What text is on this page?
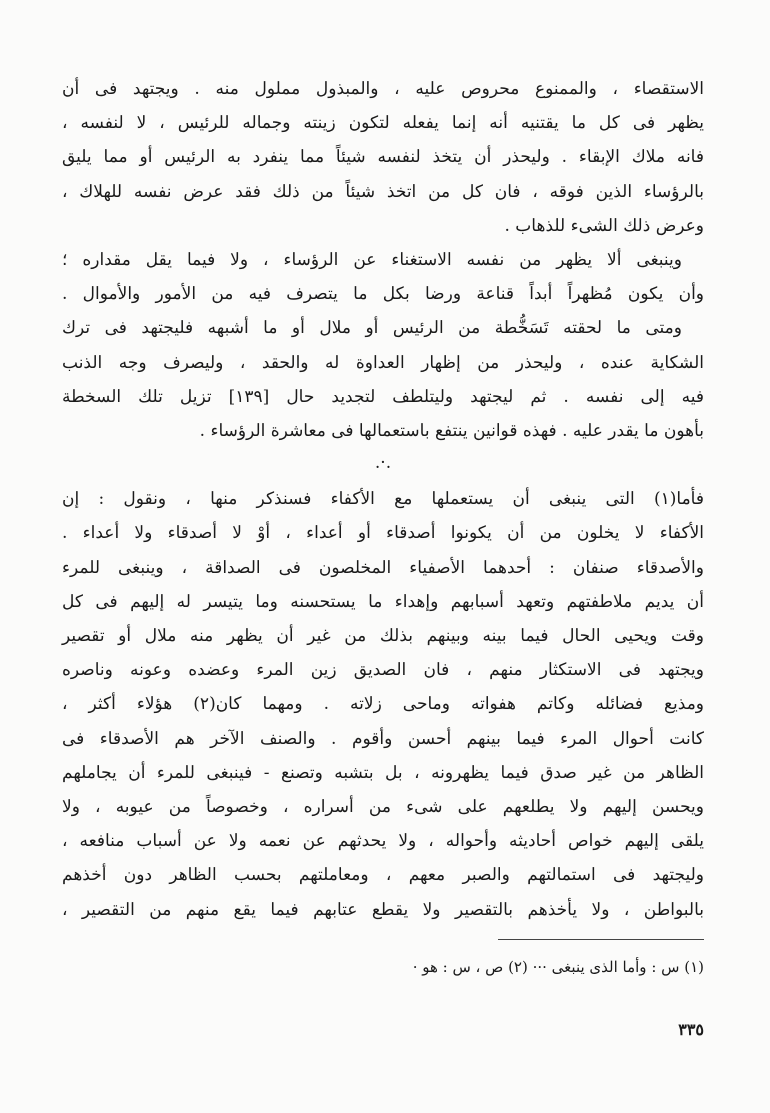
الاستقصاء ، والممنوع محروص عليه ، والمبذول مملول منه . ويجتهد فى أن
يظهر فى كل ما يقتنيه أنه إنما يفعله لتكون زينته وجماله للرئيس ، لا لنفسه ،
فانه ملاك الإبقاء . وليحذر أن يتخذ لنفسه شيئاً مما ينفرد به الرئيس أو مما يليق
بالرؤساء الذين فوقه ، فان كل من اتخذ شيئاً من ذلك فقد عرض نفسه للهلاك ،
وعرض ذلك الشىء للذهاب .
وينبغى ألا يظهر من نفسه الاستغناء عن الرؤساء ، ولا فيما يقل مقداره ؛
وأن يكون مُظهراً أبداً قناعة ورضا بكل ما يتصرف فيه من الأمور والأموال .
ومتى ما لحقته تَسَخُّطة من الرئيس أو ملال أو ما أشبهه فليجتهد فى ترك
الشكاية عنده ، وليحذر من إظهار العداوة له والحقد ، وليصرف وجه الذنب
فيه إلى نفسه . ثم ليجتهد وليتلطف لتجديد حال [١٣٩] تزيل تلك السخطة
بأهون ما يقدر عليه . فهذه قوانين ينتفع باستعمالها فى معاشرة الرؤساء .
.·.
فأما(١) التى ينبغى أن يستعملها مع الأكفاء فسنذكر منها ، ونقول : إن
الأكفاء لا يخلون من أن يكونوا أصدقاء أو أعداء ، أوْ لا أصدقاء ولا أعداء .
والأصدقاء صنفان : أحدهما الأصفياء المخلصون فى الصداقة ، وينبغى للمرء
أن يديم ملاطفتهم وتعهد أسبابهم وإهداء ما يستحسنه وما يتيسر له إليهم فى كل
وقت ويحيى الحال فيما بينه وبينهم بذلك من غير أن يظهر منه ملال أو تقصير
ويجتهد فى الاستكثار منهم ، فان الصديق زين المرء وعضده وعونه وناصره
ومذيع فضائله وكاتم هفواته وماحى زلاته . ومهما كان(٢) هؤلاء أكثر ،
كانت أحوال المرء فيما بينهم أحسن وأقوم . والصنف الآخر هم الأصدقاء فى
الظاهر من غير صدق فيما يظهرونه ، بل بتشبه وتصنع - فينبغى للمرء أن يجاملهم
ويحسن إليهم ولا يطلعهم على شىء من أسراره ، وخصوصاً من عيوبه ، ولا
يلقى إليهم خواص أحاديثه وأحواله ، ولا يحدثهم عن نعمه ولا عن أسباب منافعه ،
وليجتهد فى استمالتهم والصبر معهم ، ومعاملتهم بحسب الظاهر دون أخذهم
بالبواطن ، ولا يأخذهم بالتقصير ولا يقطع عتابهم فيما يقع منهم من التقصير ،
(١) س : وأما الذى ينبغى ··· (٢) ص ، س : هو ·
٣٣٥
